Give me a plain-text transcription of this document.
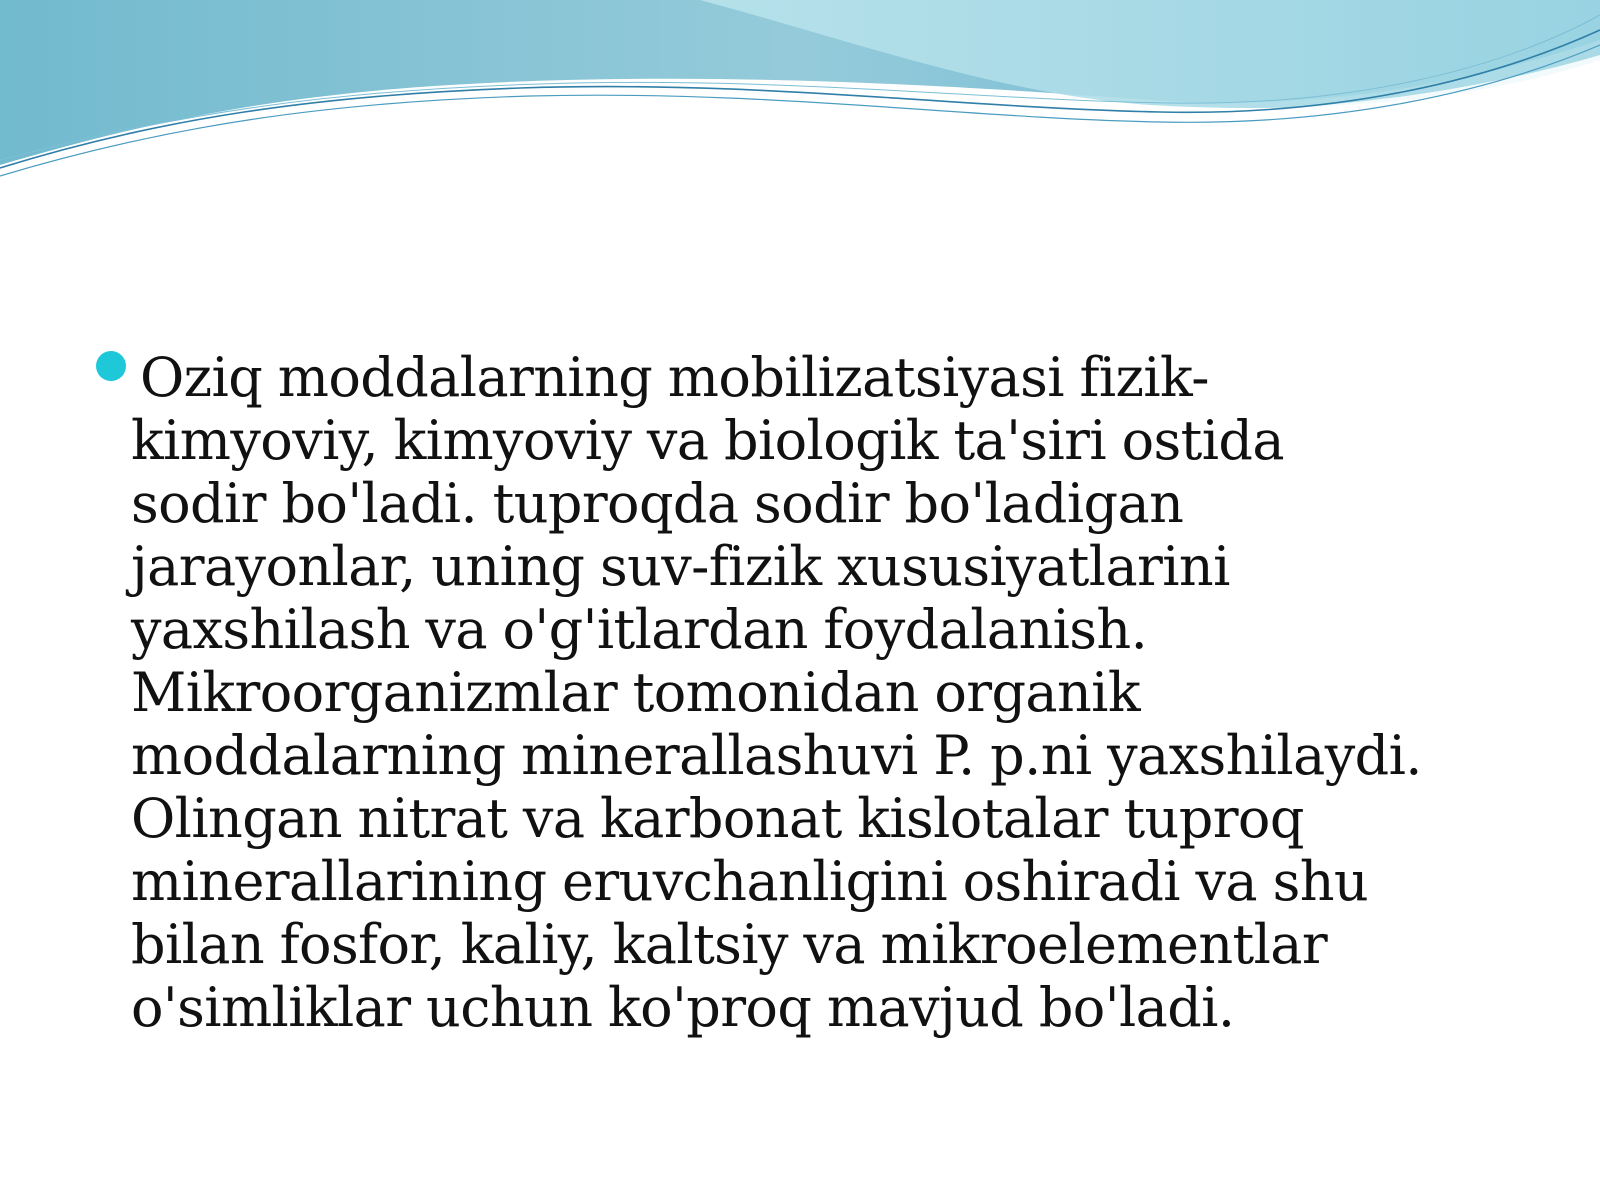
Oziq moddalarning mobilizatsiyasi fizik-
kimyoviy, kimyoviy va biologik ta'siri ostida
sodir bo'ladi. tuproqda sodir bo'ladigan
jarayonlar, uning suv-fizik xususiyatlarini
yaxshilash va o'g'itlardan foydalanish.
Mikroorganizmlar tomonidan organik
moddalarning minerallashuvi P. p.ni yaxshilaydi.
Olingan nitrat va karbonat kislotalar tuproq
minerallarining eruvchanligini oshiradi va shu
bilan fosfor, kaliy, kaltsiy va mikroelementlar
o'simliklar uchun ko'proq mavjud bo'ladi.
